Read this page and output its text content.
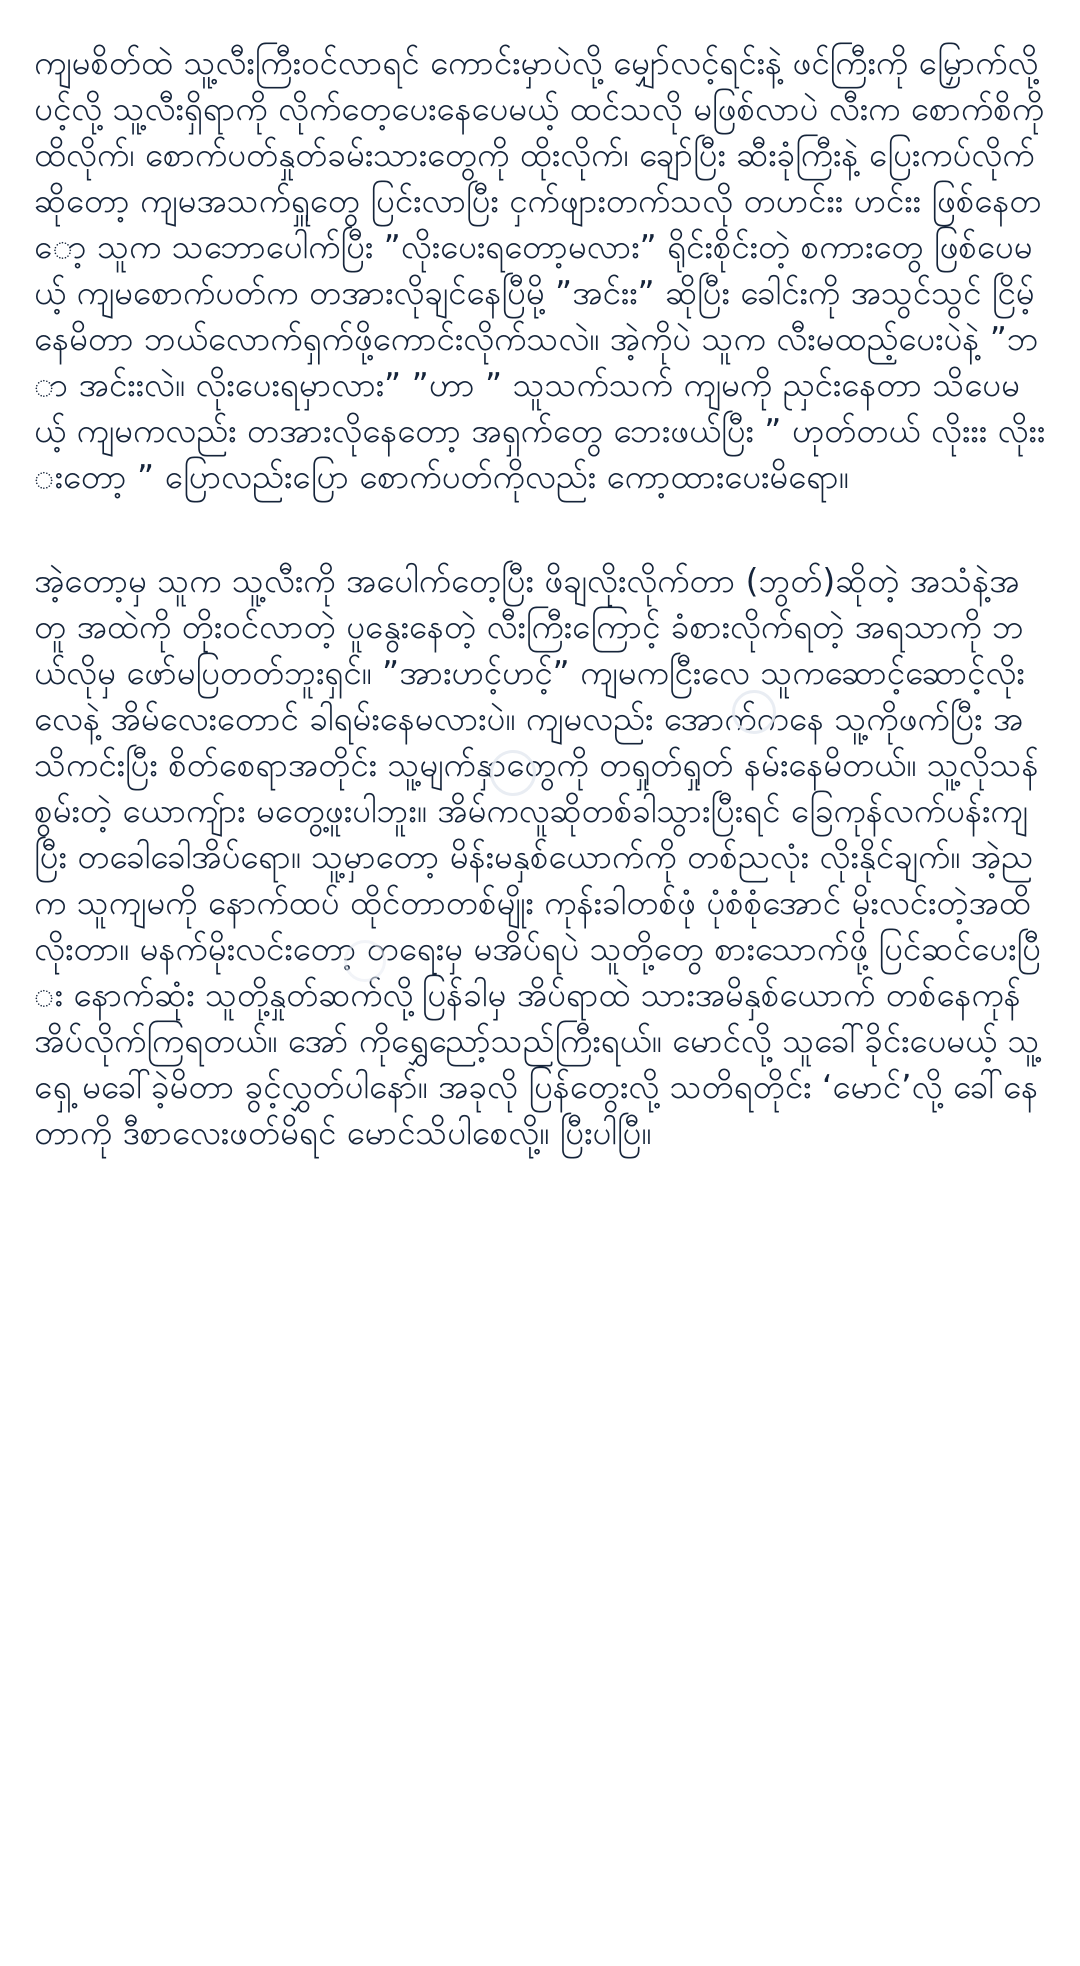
ကျမစိတ်ထဲ သူ့လီးကြီးဝင်လာရင် ကောင်းမှာပဲလို့ မျှော်လင့်ရင်းနဲ့ ဖင်ကြီးကို မြှောက်လို့ပင့်လို့ သူ့လီးရှိရာကို လိုက်တေ့ပေးနေပေမယ့် ထင်သလို မဖြစ်လာပဲ လီးက စောက်စိကိုထိလိုက်၊ စောက်ပတ်နှုတ်ခမ်းသားတွေကို ထိုးလိုက်၊ ချော်ပြီး ဆီးခုံကြီးနဲ့ ပြေးကပ်လိုက်ဆိုတော့ ကျမအသက်ရှူတွေ ပြင်းလာပြီး ငှက်ဖျားတက်သလို တဟင်းး ဟင်းး ဖြစ်နေတော့ သူက သဘောပေါက်ပြီး ”လိုးပေးရတော့မလား” ရိုင်းစိုင်းတဲ့ စကားတွေ ဖြစ်ပေမယ့် ကျမစောက်ပတ်က တအားလိုချင်နေပြီမို့ ”အင်းး” ဆိုပြီး ခေါင်းကို အသွင်သွင် ငြိမ့်နေမိတာ ဘယ်လောက်ရှက်ဖို့ကောင်းလိုက်သလဲ။ အဲ့ကိုပဲ သူက လီးမထည့်ပေးပဲနဲ့ ”ဘာ အင်းးလဲ။ လိုးပေးရမှာလား” ”ဟာ ” သူသက်သက် ကျမကို ညှင်းနေတာ သိပေမယ့် ကျမကလည်း တအားလိုနေတော့ အရှက်တွေ ဘေးဖယ်ပြီး ” ဟုတ်တယ် လိုးးး လိုးးးတော့ ” ပြောလည်းပြော စောက်ပတ်ကိုလည်း ကော့ထားပေးမိရော။

အဲ့တော့မှ သူက သူ့လီးကို အပေါက်တေ့ပြီး ဖိချလိုးလိုက်တာ (ဘွတ်)ဆိုတဲ့ အသံနဲ့အတူ အထဲကို တိုးဝင်လာတဲ့ ပူနွေးနေတဲ့ လီးကြီးကြောင့် ခံစားလိုက်ရတဲ့ အရသာကို ဘယ်လိုမှ ဖော်မပြတတ်ဘူးရှင်။ ”အားဟင့်ဟင့်” ကျမကငြီးလေ သူကဆောင့်ဆောင့်လိုးလေနဲ့ အိမ်လေးတောင် ခါရမ်းနေမလားပဲ။ ကျမလည်း အောက်ကနေ သူ့ကိုဖက်ပြီး အသိကင်းပြီး စိတ်စေရာအတိုင်း သူ့မျက်နှာတွေကို တရှုတ်ရှုတ် နမ်းနေမိတယ်။ သူ့လိုသန်စွမ်းတဲ့ ယောကျ်ား မတွေ့ဖူးပါဘူး။ အိမ်ကလူဆိုတစ်ခါသွားပြီးရင် ခြေကုန်လက်ပန်းကျပြီး တခေါခေါအိပ်ရော။ သူ့မှာတော့ မိန်းမနှစ်ယောက်ကို တစ်ညလုံး လိုးနိုင်ချက်။ အဲ့ညက သူကျမကို နောက်ထပ် ထိုင်တာတစ်မျိုး ကုန်းခါတစ်ဖုံ ပုံစံစုံအောင် မိုးလင်းတဲ့အထိ လိုးတာ။ မနက်မိုးလင်းတော့ တရေးမှ မအိပ်ရပဲ သူတို့တွေ စားသောက်ဖို့ ပြင်ဆင်ပေးပြီး နောက်ဆုံး သူတို့နှုတ်ဆက်လို့ပြန်ခါမှ အိပ်ရာထဲ သားအမိနှစ်ယောက် တစ်နေကုန် အိပ်လိုက်ကြရတယ်။ အော် ကိုရွှေညော့်သည်ကြီးရယ်။ မောင်လို့ သူခေါ်ခိုင်းပေမယ့် သူ့ရှေ့ မခေါ်ခဲ့မိတာ ခွင့်လွှတ်ပါနော်။ အခုလို ပြန်တွေးလို့ သတိရတိုင်း ‘မောင်’လို့ ခေါ်နေတာကို ဒီစာလေးဖတ်မိရင် မောင်သိပါစေလို့။ ပြီးပါပြီ။
